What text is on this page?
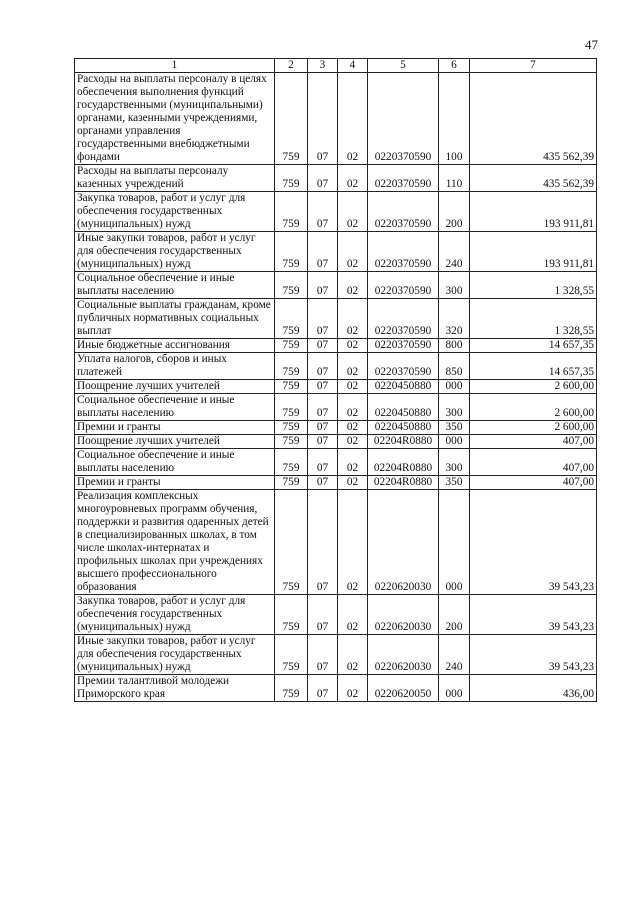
47
1	2	3	4	5	6	7
Расходы на выплаты персоналу в целях обеспечения выполнения функций государственными (муниципальными) органами, казенными учреждениями, органами управления государственными внебюджетными фондами	759	07	02	0220370590	100	435 562,39
Расходы на выплаты персоналу казенных учреждений	759	07	02	0220370590	110	435 562,39
Закупка товаров, работ и услуг для обеспечения государственных (муниципальных) нужд	759	07	02	0220370590	200	193 911,81
Иные закупки товаров, работ и услуг для обеспечения государственных (муниципальных) нужд	759	07	02	0220370590	240	193 911,81
Социальное обеспечение и иные выплаты населению	759	07	02	0220370590	300	1 328,55
Социальные выплаты гражданам, кроме публичных нормативных социальных выплат	759	07	02	0220370590	320	1 328,55
Иные бюджетные ассигнования	759	07	02	0220370590	800	14 657,35
Уплата налогов, сборов и иных платежей	759	07	02	0220370590	850	14 657,35
Поощрение лучших учителей	759	07	02	0220450880	000	2 600,00
Социальное обеспечение и иные выплаты населению	759	07	02	0220450880	300	2 600,00
Премии и гранты	759	07	02	0220450880	350	2 600,00
Поощрение лучших учителей	759	07	02	02204R0880	000	407,00
Социальное обеспечение и иные выплаты населению	759	07	02	02204R0880	300	407,00
Премии и гранты	759	07	02	02204R0880	350	407,00
Реализация комплексных многоуровневых программ обучения, поддержки и развития одаренных детей в специализированных школах, в том числе школах-интернатах и профильных школах при учреждениях высшего профессионального образования	759	07	02	0220620030	000	39 543,23
Закупка товаров, работ и услуг для обеспечения государственных (муниципальных) нужд	759	07	02	0220620030	200	39 543,23
Иные закупки товаров, работ и услуг для обеспечения государственных (муниципальных) нужд	759	07	02	0220620030	240	39 543,23
Премии талантливой молодежи Приморского края	759	07	02	0220620050	000	436,00
